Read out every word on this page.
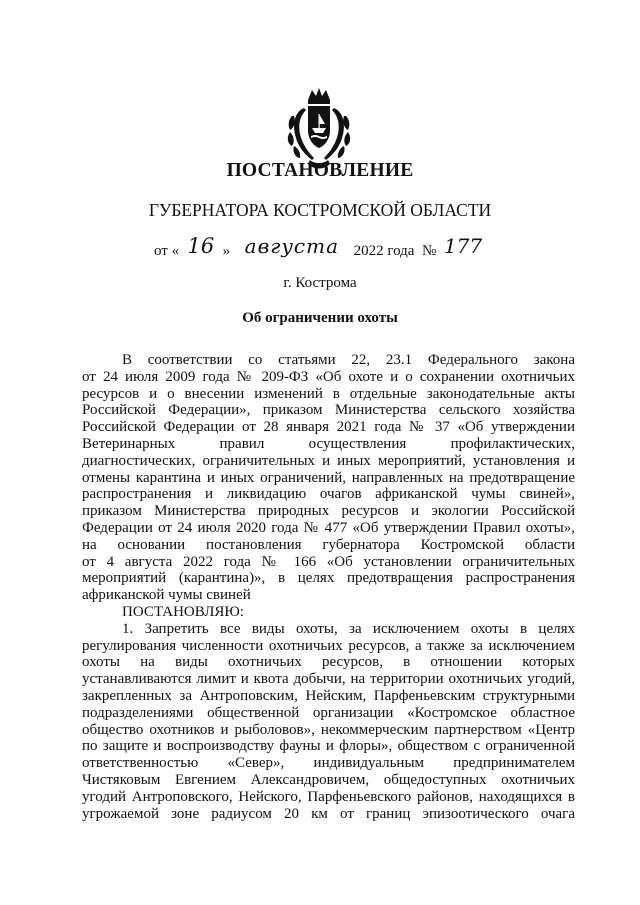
ПОСТАНОВЛЕНИЕ
ГУБЕРНАТОРА КОСТРОМСКОЙ ОБЛАСТИ
от « 16 » августа 2022 года № 177
г. Кострома
Об ограничении охоты
В соответствии со статьями 22, 23.1 Федерального закона
от 24 июля 2009 года № 209-ФЗ «Об охоте и о сохранении охотничьих
ресурсов и о внесении изменений в отдельные законодательные акты
Российской Федерации», приказом Министерства сельского хозяйства
Российской Федерации от 28 января 2021 года № 37 «Об утверждении
Ветеринарных правил осуществления профилактических,
диагностических, ограничительных и иных мероприятий, установления и
отмены карантина и иных ограничений, направленных на предотвращение
распространения и ликвидацию очагов африканской чумы свиней»,
приказом Министерства природных ресурсов и экологии Российской
Федерации от 24 июля 2020 года № 477 «Об утверждении Правил охоты»,
на основании постановления губернатора Костромской области
от 4 августа 2022 года № 166 «Об установлении ограничительных
мероприятий (карантина)», в целях предотвращения распространения
африканской чумы свиней
ПОСТАНОВЛЯЮ:
1. Запретить все виды охоты, за исключением охоты в целях
регулирования численности охотничьих ресурсов, а также за исключением
охоты на виды охотничьих ресурсов, в отношении которых
устанавливаются лимит и квота добычи, на территории охотничьих угодий,
закрепленных за Антроповским, Нейским, Парфеньевским структурными
подразделениями общественной организации «Костромское областное
общество охотников и рыболовов», некоммерческим партнерством «Центр
по защите и воспроизводству фауны и флоры», обществом с ограниченной
ответственностью «Север», индивидуальным предпринимателем
Чистяковым Евгением Александровичем, общедоступных охотничьих
угодий Антроповского, Нейского, Парфеньевского районов, находящихся в
угрожаемой зоне радиусом 20 км от границ эпизоотического очага
